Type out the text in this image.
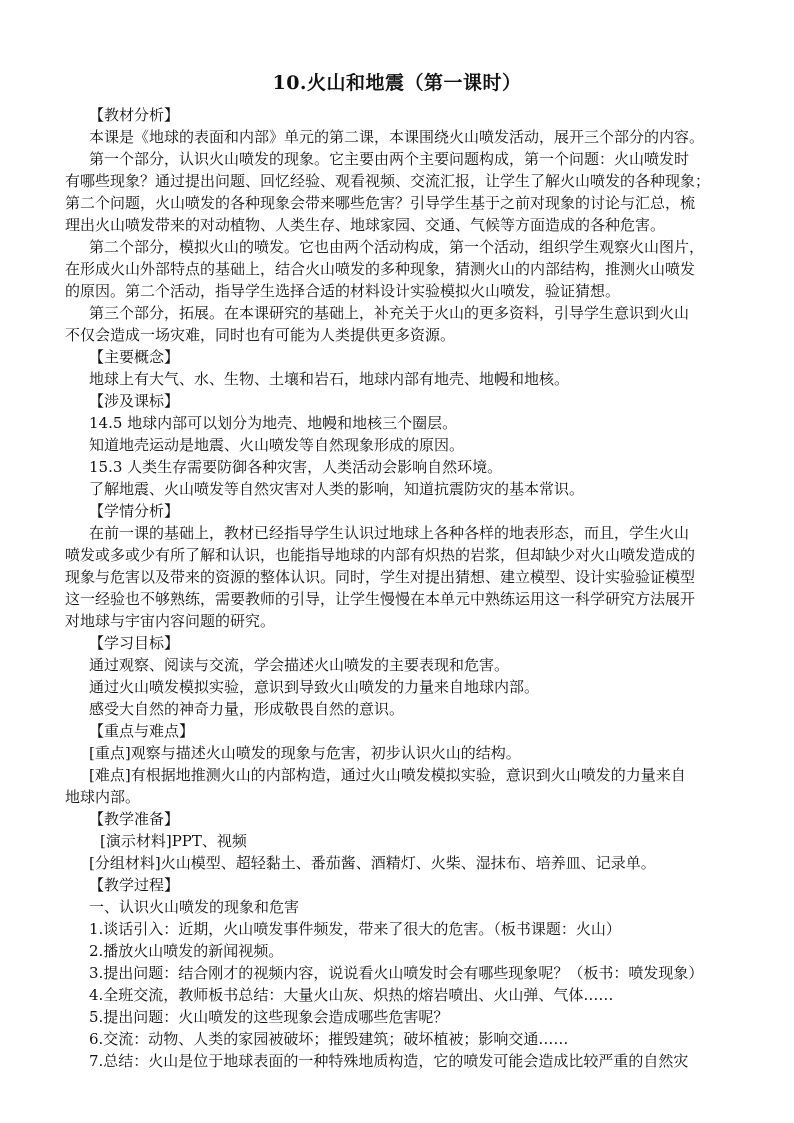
10.火山和地震（第一课时）
【教材分析】
本课是《地球的表面和内部》单元的第二课，本课围绕火山喷发活动，展开三个部分的内容。
第一个部分，认识火山喷发的现象。它主要由两个主要问题构成，第一个问题：火山喷发时
有哪些现象？通过提出问题、回忆经验、观看视频、交流汇报，让学生了解火山喷发的各种现象；
第二个问题，火山喷发的各种现象会带来哪些危害？引导学生基于之前对现象的讨论与汇总，梳
理出火山喷发带来的对动植物、人类生存、地球家园、交通、气候等方面造成的各种危害。
第二个部分，模拟火山的喷发。它也由两个活动构成，第一个活动，组织学生观察火山图片，
在形成火山外部特点的基础上，结合火山喷发的多种现象，猜测火山的内部结构，推测火山喷发
的原因。第二个活动，指导学生选择合适的材料设计实验模拟火山喷发，验证猜想。
第三个部分，拓展。在本课研究的基础上，补充关于火山的更多资料，引导学生意识到火山
不仅会造成一场灾难，同时也有可能为人类提供更多资源。
【主要概念】
地球上有大气、水、生物、土壤和岩石，地球内部有地壳、地幔和地核。
【涉及课标】
14.5 地球内部可以划分为地壳、地幔和地核三个圈层。
知道地壳运动是地震、火山喷发等自然现象形成的原因。
15.3 人类生存需要防御各种灾害，人类活动会影响自然环境。
了解地震、火山喷发等自然灾害对人类的影响，知道抗震防灾的基本常识。
【学情分析】
在前一课的基础上，教材已经指导学生认识过地球上各种各样的地表形态，而且，学生火山
喷发或多或少有所了解和认识，也能指导地球的内部有炽热的岩浆，但却缺少对火山喷发造成的
现象与危害以及带来的资源的整体认识。同时，学生对提出猜想、建立模型、设计实验验证模型
这一经验也不够熟练，需要教师的引导，让学生慢慢在本单元中熟练运用这一科学研究方法展开
对地球与宇宙内容问题的研究。
【学习目标】
通过观察、阅读与交流，学会描述火山喷发的主要表现和危害。
通过火山喷发模拟实验，意识到导致火山喷发的力量来自地球内部。
感受大自然的神奇力量，形成敬畏自然的意识。
【重点与难点】
[重点]观察与描述火山喷发的现象与危害，初步认识火山的结构。
[难点]有根据地推测火山的内部构造，通过火山喷发模拟实验，意识到火山喷发的力量来自
地球内部。
【教学准备】
[演示材料]PPT、视频
[分组材料]火山模型、超轻黏土、番茄酱、酒精灯、火柴、湿抹布、培养皿、记录单。
【教学过程】
一、认识火山喷发的现象和危害
1.谈话引入：近期，火山喷发事件频发，带来了很大的危害。（板书课题：火山）
2.播放火山喷发的新闻视频。
3.提出问题：结合刚才的视频内容，说说看火山喷发时会有哪些现象呢？（板书：喷发现象）
4.全班交流，教师板书总结：大量火山灰、炽热的熔岩喷出、火山弹、气体……
5.提出问题：火山喷发的这些现象会造成哪些危害呢？
6.交流：动物、人类的家园被破坏；摧毁建筑；破坏植被；影响交通……
7.总结：火山是位于地球表面的一种特殊地质构造，它的喷发可能会造成比较严重的自然灾
